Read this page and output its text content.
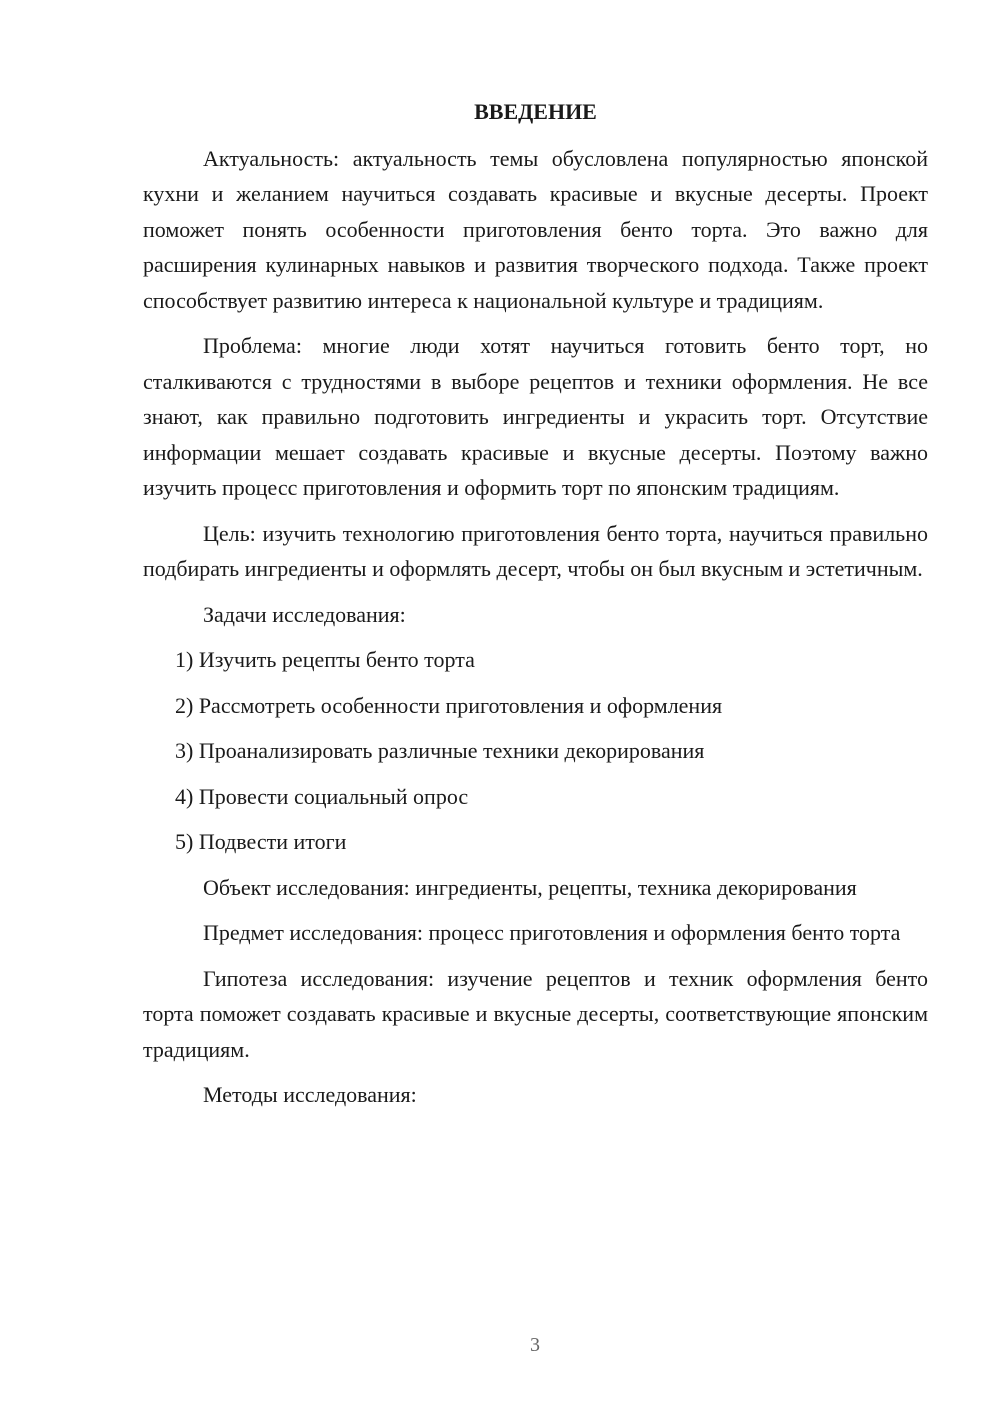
ВВЕДЕНИЕ

Актуальность: актуальность темы обусловлена популярностью японской кухни и желанием научиться создавать красивые и вкусные десерты. Проект поможет понять особенности приготовления бенто торта. Это важно для расширения кулинарных навыков и развития творческого подхода. Также проект способствует развитию интереса к национальной культуре и традициям.

Проблема: многие люди хотят научиться готовить бенто торт, но сталкиваются с трудностями в выборе рецептов и техники оформления. Не все знают, как правильно подготовить ингредиенты и украсить торт. Отсутствие информации мешает создавать красивые и вкусные десерты. Поэтому важно изучить процесс приготовления и оформить торт по японским традициям.

Цель: изучить технологию приготовления бенто торта, научиться правильно подбирать ингредиенты и оформлять десерт, чтобы он был вкусным и эстетичным.

Задачи исследования:

1) Изучить рецепты бенто торта
2) Рассмотреть особенности приготовления и оформления
3) Проанализировать различные техники декорирования
4) Провести социальный опрос
5) Подвести итоги

Объект исследования: ингредиенты, рецепты, техника декорирования

Предмет исследования: процесс приготовления и оформления бенто торта

Гипотеза исследования: изучение рецептов и техник оформления бенто торта поможет создавать красивые и вкусные десерты, соответствующие японским традициям.

Методы исследования:

3
